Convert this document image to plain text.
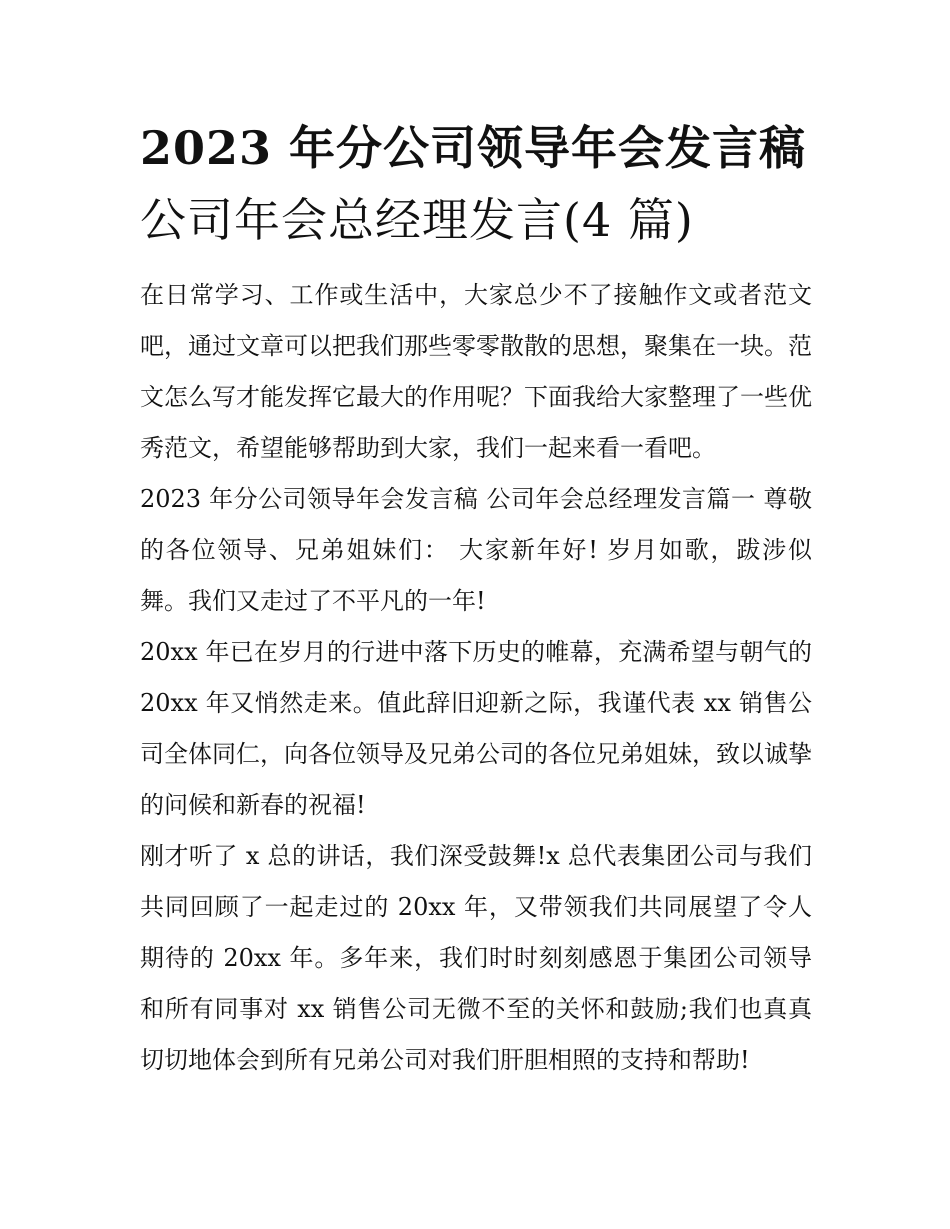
2023 年分公司领导年会发言稿
公司年会总经理发言(4 篇)

在日常学习、工作或生活中，大家总少不了接触作文或者范文吧，通过文章可以把我们那些零零散散的思想，聚集在一块。范文怎么写才能发挥它最大的作用呢？下面我给大家整理了一些优秀范文，希望能够帮助到大家，我们一起来看一看吧。

2023 年分公司领导年会发言稿 公司年会总经理发言篇一 尊敬的各位领导、兄弟姐妹们： 大家新年好! 岁月如歌，跋涉似舞。我们又走过了不平凡的一年!

20xx 年已在岁月的行进中落下历史的帷幕，充满希望与朝气的 20xx 年又悄然走来。值此辞旧迎新之际，我谨代表 xx 销售公司全体同仁，向各位领导及兄弟公司的各位兄弟姐妹，致以诚挚的问候和新春的祝福!

刚才听了 x 总的讲话，我们深受鼓舞!x 总代表集团公司与我们共同回顾了一起走过的 20xx 年，又带领我们共同展望了令人期待的 20xx 年。多年来，我们时时刻刻感恩于集团公司领导和所有同事对 xx 销售公司无微不至的关怀和鼓励;我们也真真切切地体会到所有兄弟公司对我们肝胆相照的支持和帮助!
